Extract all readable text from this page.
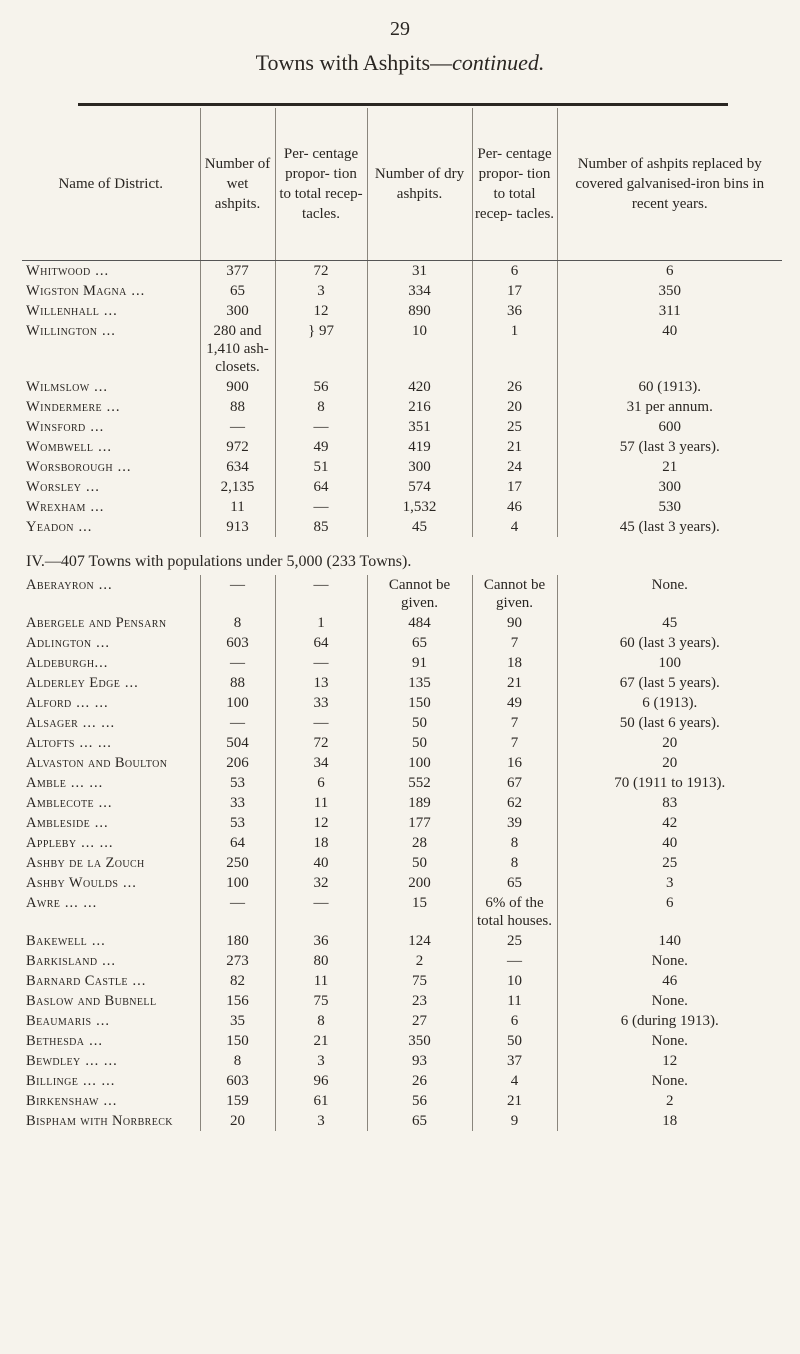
29
Towns with Ashpits—continued.
Name of District.	Number of wet ashpits.	Per- centage propor- tion to total recep- tacles.	Number of dry ashpits.	Per- centage propor- tion to total recep- tacles.	Number of ashpits replaced by covered galvanised-iron bins in recent years.
Whitwood ...	377	72	31	6	6
Wigston Magna ...	65	3	334	17	350
Willenhall ...	300	12	890	36	311
Willington ...	280 and 1,410 ash- closets.	} 97	10	1	40
Wilmslow ...	900	56	420	26	60 (1913).
Windermere ...	88	8	216	20	31 per annum.
Winsford ...	—	—	351	25	600
Wombwell ...	972	49	419	21	57 (last 3 years).
Worsborough ...	634	51	300	24	21
Worsley ...	2,135	64	574	17	300
Wrexham ...	11	—	1,532	46	530
Yeadon ...	913	85	45	4	45 (last 3 years).

IV.—407 Towns with populations under 5,000 (233 Towns).					
Aberayron ...	—	—	Cannot be given.	Cannot be given.	None.
Abergele and Pensarn	8	1	484	90	45
Adlington ...	603	64	65	7	60 (last 3 years).
Aldeburgh...	—	—	91	18	100
Alderley Edge ...	88	13	135	21	67 (last 5 years).
Alford ... ...	100	33	150	49	6 (1913).
Alsager ... ...	—	—	50	7	50 (last 6 years).
Altofts ... ...	504	72	50	7	20
Alvaston and Boulton	206	34	100	16	20
Amble ... ...	53	6	552	67	70 (1911 to 1913).
Amblecote ...	33	11	189	62	83
Ambleside ...	53	12	177	39	42
Appleby ... ...	64	18	28	8	40
Ashby de la Zouch	250	40	50	8	25
Ashby Woulds ...	100	32	200	65	3
Awre ... ...	—	—	15	6% of the total houses.	6
Bakewell ...	180	36	124	25	140
Barkisland ...	273	80	2	—	None.
Barnard Castle ...	82	11	75	10	46
Baslow and Bubnell	156	75	23	11	None.
Beaumaris ...	35	8	27	6	6 (during 1913).
Bethesda ...	150	21	350	50	None.
Bewdley ... ...	8	3	93	37	12
Billinge ... ...	603	96	26	4	None.
Birkenshaw ...	159	61	56	21	2
Bispham with Norbreck	20	3	65	9	18
